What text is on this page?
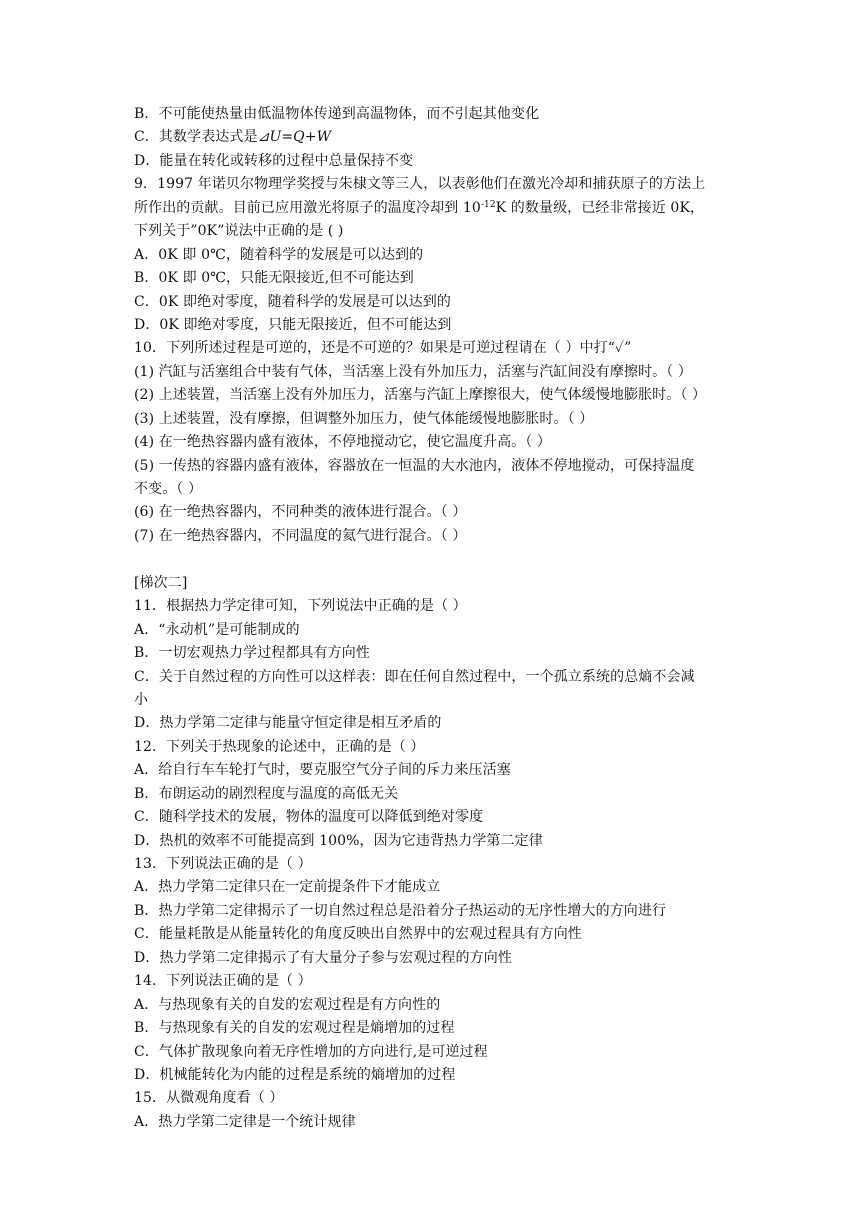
B．不可能使热量由低温物体传递到高温物体，而不引起其他变化
C．其数学表达式是⊿U=Q+W
D．能量在转化或转移的过程中总量保持不变
9．1997 年诺贝尔物理学奖授与朱棣文等三人，以表彰他们在激光冷却和捕获原子的方法上
所作出的贡献。目前已应用激光将原子的温度冷却到 $10^{-12}K$ 的数量级，已经非常接近 0K，
下列关于”0K”说法中正确的是 ( )
A．0K 即 0℃，随着科学的发展是可以达到的
B．0K 即 0℃，只能无限接近,但不可能达到
C．0K 即绝对零度，随着科学的发展是可以达到的
D．0K 即绝对零度，只能无限接近，但不可能达到
10．下列所述过程是可逆的，还是不可逆的？如果是可逆过程请在（ ）中打“✓”
(1) 汽缸与活塞组合中装有气体，当活塞上没有外加压力，活塞与汽缸间没有摩擦时。（ ）
(2) 上述装置，当活塞上没有外加压力，活塞与汽缸上摩擦很大，使气体缓慢地膨胀时。（ ）
(3) 上述装置，没有摩擦，但调整外加压力，使气体能缓慢地膨胀时。（ ）
(4) 在一绝热容器内盛有液体，不停地搅动它，使它温度升高。（ ）
(5) 一传热的容器内盛有液体，容器放在一恒温的大水池内，液体不停地搅动，可保持温度
不变。（ ）
(6) 在一绝热容器内，不同种类的液体进行混合。（ ）
(7) 在一绝热容器内，不同温度的氦气进行混合。（ ）
[梯次二]
11．根据热力学定律可知，下列说法中正确的是（ ）
A．“永动机”是可能制成的
B．一切宏观热力学过程都具有方向性
C．关于自然过程的方向性可以这样表：即在任何自然过程中，一个孤立系统的总熵不会减
小
D．热力学第二定律与能量守恒定律是相互矛盾的
12．下列关于热现象的论述中，正确的是（ ）
A．给自行车车轮打气时，要克服空气分子间的斥力来压活塞
B．布朗运动的剧烈程度与温度的高低无关
C．随科学技术的发展，物体的温度可以降低到绝对零度
D．热机的效率不可能提高到 100%，因为它违背热力学第二定律
13．下列说法正确的是（ ）
A．热力学第二定律只在一定前提条件下才能成立
B．热力学第二定律揭示了一切自然过程总是沿着分子热运动的无序性增大的方向进行
C．能量耗散是从能量转化的角度反映出自然界中的宏观过程具有方向性
D．热力学第二定律揭示了有大量分子参与宏观过程的方向性
14．下列说法正确的是（ ）
A．与热现象有关的自发的宏观过程是有方向性的
B．与热现象有关的自发的宏观过程是熵增加的过程
C．气体扩散现象向着无序性增加的方向进行,是可逆过程
D．机械能转化为内能的过程是系统的熵增加的过程
15．从微观角度看（ ）
A．热力学第二定律是一个统计规律
